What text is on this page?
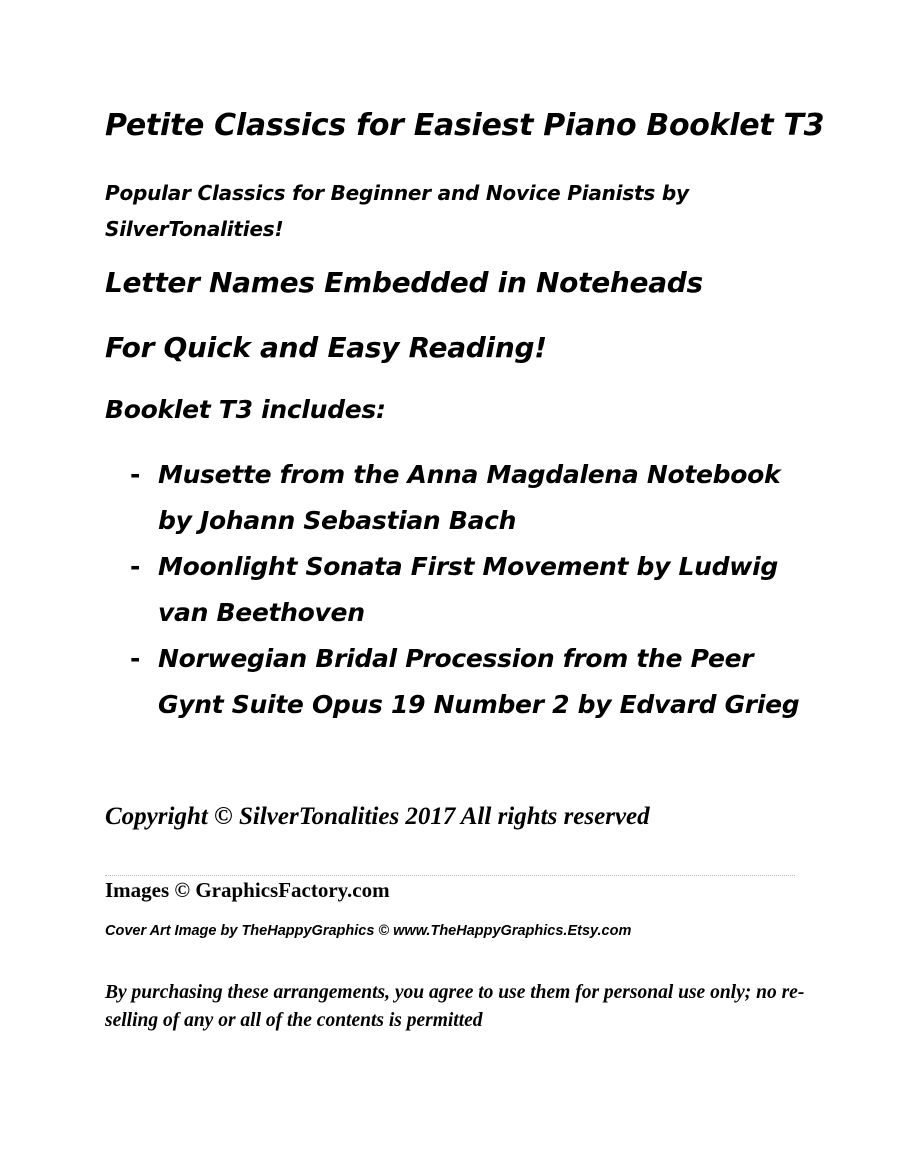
Petite Classics for Easiest Piano Booklet T3
Popular Classics for Beginner and Novice Pianists by SilverTonalities!
Letter Names Embedded in Noteheads
For Quick and Easy Reading!
Booklet T3 includes:
- Musette from the Anna Magdalena Notebook by Johann Sebastian Bach
- Moonlight Sonata First Movement by Ludwig van Beethoven
- Norwegian Bridal Procession from the Peer Gynt Suite Opus 19 Number 2 by Edvard Grieg
Copyright © SilverTonalities 2017 All rights reserved
Images © GraphicsFactory.com
Cover Art Image by TheHappyGraphics © www.TheHappyGraphics.Etsy.com
By purchasing these arrangements, you agree to use them for personal use only; no re-selling of any or all of the contents is permitted
